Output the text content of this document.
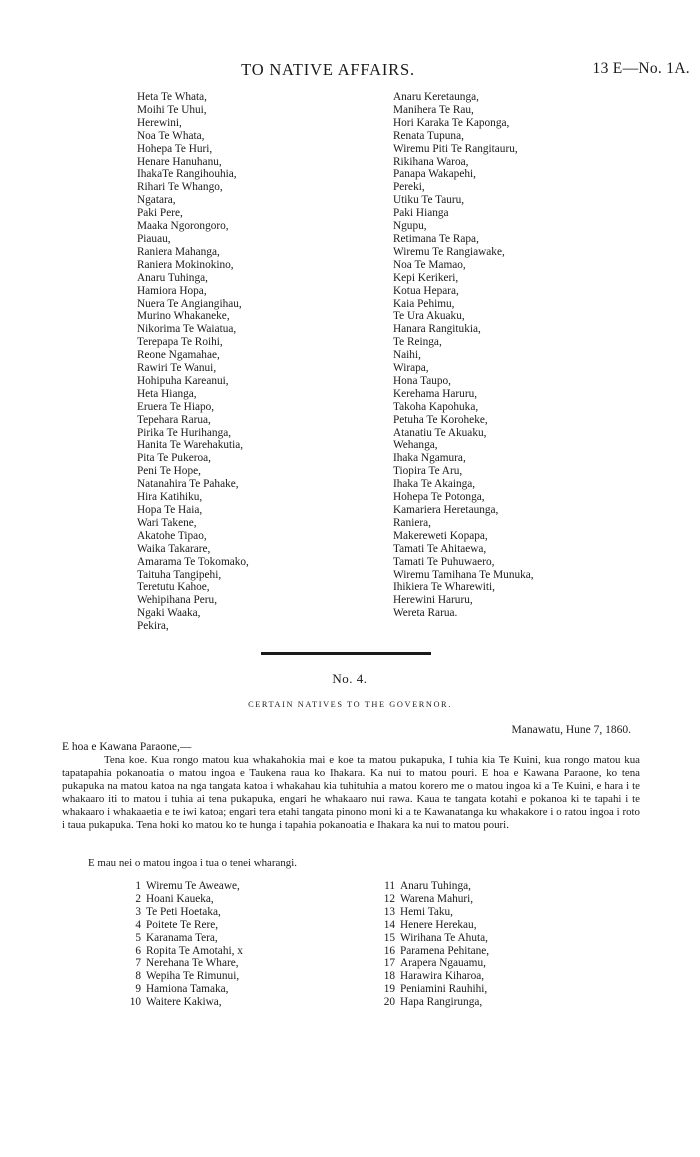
TO NATIVE AFFAIRS.	13 E—No. 1A.
Heta Te Whata,
Moihi Te Uhui,
Herewini,
Noa Te Whata,
Hohepa Te Huri,
Henare Hanuhanu,
IhakaTe Rangihouhia,
Rihari Te Whango,
Ngatara,
Paki Pere,
Maaka Ngorongoro,
Piauau,
Raniera Mahanga,
Raniera Mokinokino,
Anaru Tuhinga,
Hamiora Hopa,
Nuera Te Angiangihau,
Murino Whakaneke,
Nikorima Te Waiatua,
Terepapa Te Roihi,
Reone Ngamahae,
Rawiri Te Wanui,
Hohipuha Kareanui,
Heta Hianga,
Eruera Te Hiapo,
Tepehara Rarua,
Pirika Te Hurihanga,
Hanita Te Warehakutia,
Pita Te Pukeroa,
Peni Te Hope,
Natanahira Te Pahake,
Hira Katihiku,
Hopa Te Haia,
Wari Takene,
Akatohe Tipao,
Waika Takarare,
Amarama Te Tokomako,
Taituha Tangipehi,
Teretutu Kahoe,
Wehipihana Peru,
Ngaki Waaka,
Pekira,
Anaru Keretaunga,
Manihera Te Rau,
Hori Karaka Te Kaponga,
Renata Tupuna,
Wiremu Piti Te Rangitauru,
Rikihana Waroa,
Panapa Wakapehi,
Pereki,
Utiku Te Tauru,
Paki Hianga
Ngupu,
Retimana Te Rapa,
Wiremu Te Rangiawake,
Noa Te Mamao,
Kepi Kerikeri,
Kotua Hepara,
Kaia Pehimu,
Te Ura Akuaku,
Hanara Rangitukia,
Te Reinga,
Naihi,
Wirapa,
Hona Taupo,
Kerehama Haruru,
Takoha Kapohuka,
Petuha Te Koroheke,
Atanatiu Te Akuaku,
Wehanga,
Ihaka Ngamura,
Tiopira Te Aru,
Ihaka Te Akainga,
Hohepa Te Potonga,
Kamariera Heretaunga,
Raniera,
Makereweti Kopapa,
Tamati Te Ahitaewa,
Tamati Te Puhuwaero,
Wiremu Tamihana Te Munuka,
Ihikiera Te Wharewiti,
Herewini Haruru,
Wereta Rarua.
No. 4.
CERTAIN NATIVES TO THE GOVERNOR.
Manawatu, Hune 7, 1860.
E hoa e Kawana Paraone,—

Tena koe. Kua rongo matou kua whakahokia mai e koe ta matou pukapuka, I tuhia kia Te Kuini, kua rongo matou kua tapatapahia pokanoatia o matou ingoa e Taukena raua ko Ihakara. Ka nui to matou pouri. E hoa e Kawana Paraone, ko tena pukapuka na matou katoa na nga tangata katoa i whakahau kia tuhituhia a matou korero me o matou ingoa ki a Te Kuini, e hara i te whakaaro iti to matou i tuhia ai tena pukapuka, engari he whakaaro nui rawa. Kaua te tangata kotahi e pokanoa ki te tapahi i te whakaaro i whakaaetia e te iwi katoa; engari tera etahi tangata pinono moni ki a te Kawanatanga ku whakakore i o ratou ingoa i roto i taua pukapuka. Tena hoki ko matou ko te hunga i tapahia pokanoatia e Ihakara ka nui to matou pouri.

E mau nei o matou ingoa i tua o tenei wharangi.
1 Wiremu Te Aweawe,
2 Hoani Kaueka,
3 Te Peti Hoetaka,
4 Poitete Te Rere,
5 Karanama Tera,
6 Ropita Te Amotahi, x
7 Nerehana Te Whare,
8 Wepiha Te Rimunui,
9 Hamiona Tamaka,
10 Waitere Kakiwa,
11 Anaru Tuhinga,
12 Warena Mahuri,
13 Hemi Taku,
14 Henere Herekau,
15 Wirihana Te Ahuta,
16 Paramena Pehitane,
17 Arapera Ngauamu,
18 Harawira Kiharoa,
19 Peniamini Rauhihi,
20 Hapa Rangirunga,
